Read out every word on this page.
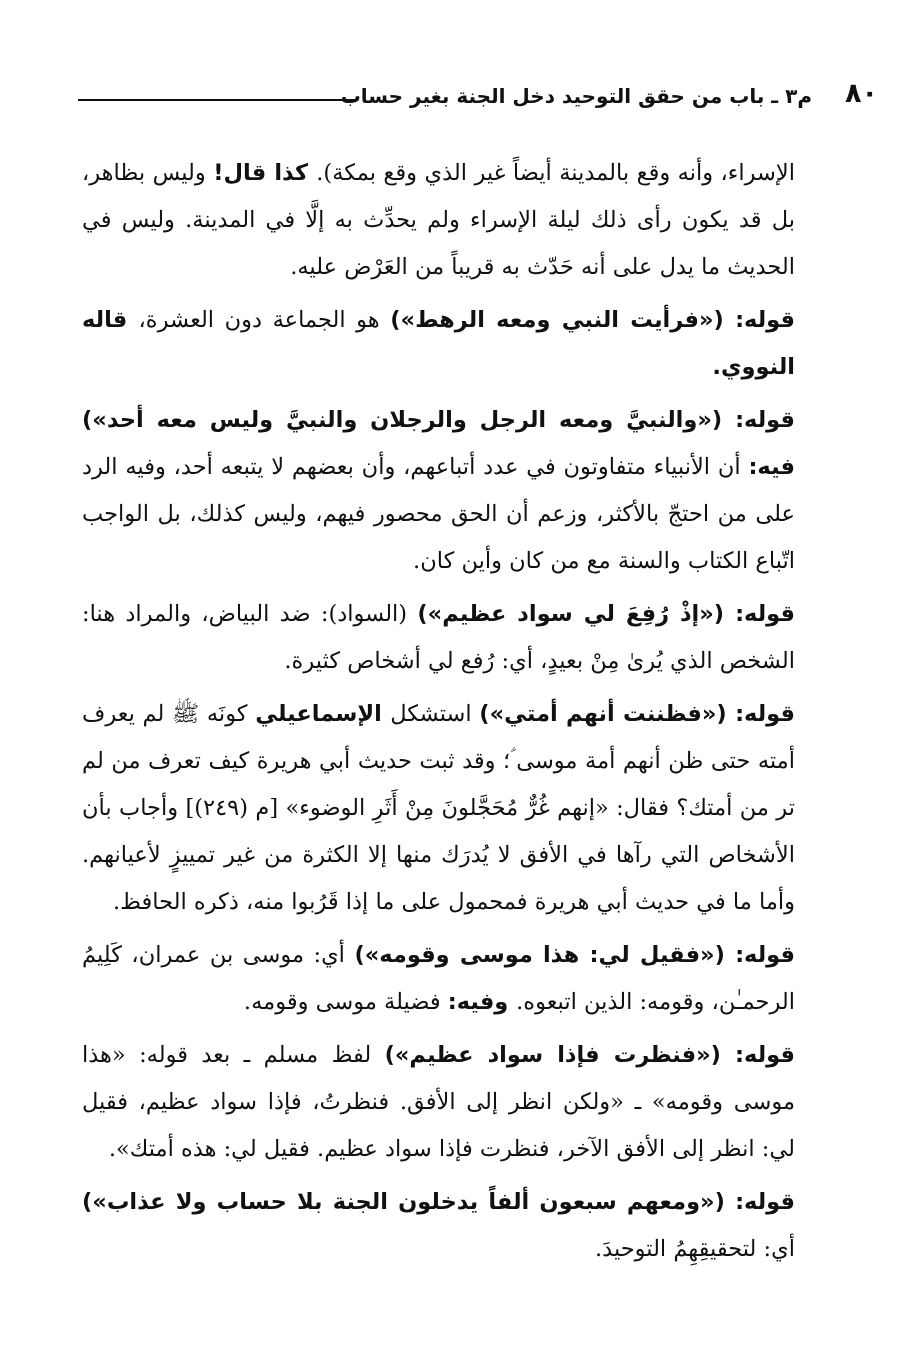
٨٠
م٣ ـ باب من حقق التوحيد دخل الجنة بغير حساب

الإسراء، وأنه وقع بالمدينة أيضاً غير الذي وقع بمكة). كذا قال! وليس بظاهر، بل قد يكون رأى ذلك ليلة الإسراء ولم يحدِّث به إلَّا في المدينة. وليس في الحديث ما يدل على أنه حَدّث به قريباً من العَرْض عليه.

قوله: («فرأيت النبي ومعه الرهط») هو الجماعة دون العشرة، قاله النووي.

قوله: («والنبيَّ ومعه الرجل والرجلان والنبيَّ وليس معه أحد») فيه: أن الأنبياء متفاوتون في عدد أتباعهم، وأن بعضهم لا يتبعه أحد، وفيه الرد على من احتجّ بالأكثر، وزعم أن الحق محصور فيهم، وليس كذلك، بل الواجب اتّباع الكتاب والسنة مع من كان وأين كان.

قوله: («إذْ رُفِعَ لي سواد عظيم») (السواد): ضد البياض، والمراد هنا: الشخص الذي يُرىٰ مِنْ بعيدٍ، أي: رُفع لي أشخاص كثيرة.

قوله: («فظننت أنهم أمتي») استشكل الإسماعيلي كونَه ﷺ لم يعرف أمته حتى ظن أنهم أمة موسى ؑ؛ وقد ثبت حديث أبي هريرة كيف تعرف من لم تر من أمتك؟ فقال: «إنهم غُرٌّ مُحَجَّلونَ مِنْ أَثَرِ الوضوء» [م (٢٤٩)] وأجاب بأن الأشخاص التي رآها في الأفق لا يُدرَك منها إلا الكثرة من غير تمييزٍ لأعيانهم. وأما ما في حديث أبي هريرة فمحمول على ما إذا قَرُبوا منه، ذكره الحافظ.

قوله: («فقيل لي: هذا موسى وقومه») أي: موسى بن عمران، كَلِيمُ الرحمـٰن، وقومه: الذين اتبعوه. وفيه: فضيلة موسى وقومه.

قوله: («فنظرت فإذا سواد عظيم») لفظ مسلم ـ بعد قوله: «هذا موسى وقومه» ـ «ولكن انظر إلى الأفق. فنظرتُ، فإذا سواد عظيم، فقيل لي: انظر إلى الأفق الآخر، فنظرت فإذا سواد عظيم. فقيل لي: هذه أمتك».

قوله: («ومعهم سبعون ألفاً يدخلون الجنة بلا حساب ولا عذاب») أي: لتحقيقِهِمُ التوحيدَ.
